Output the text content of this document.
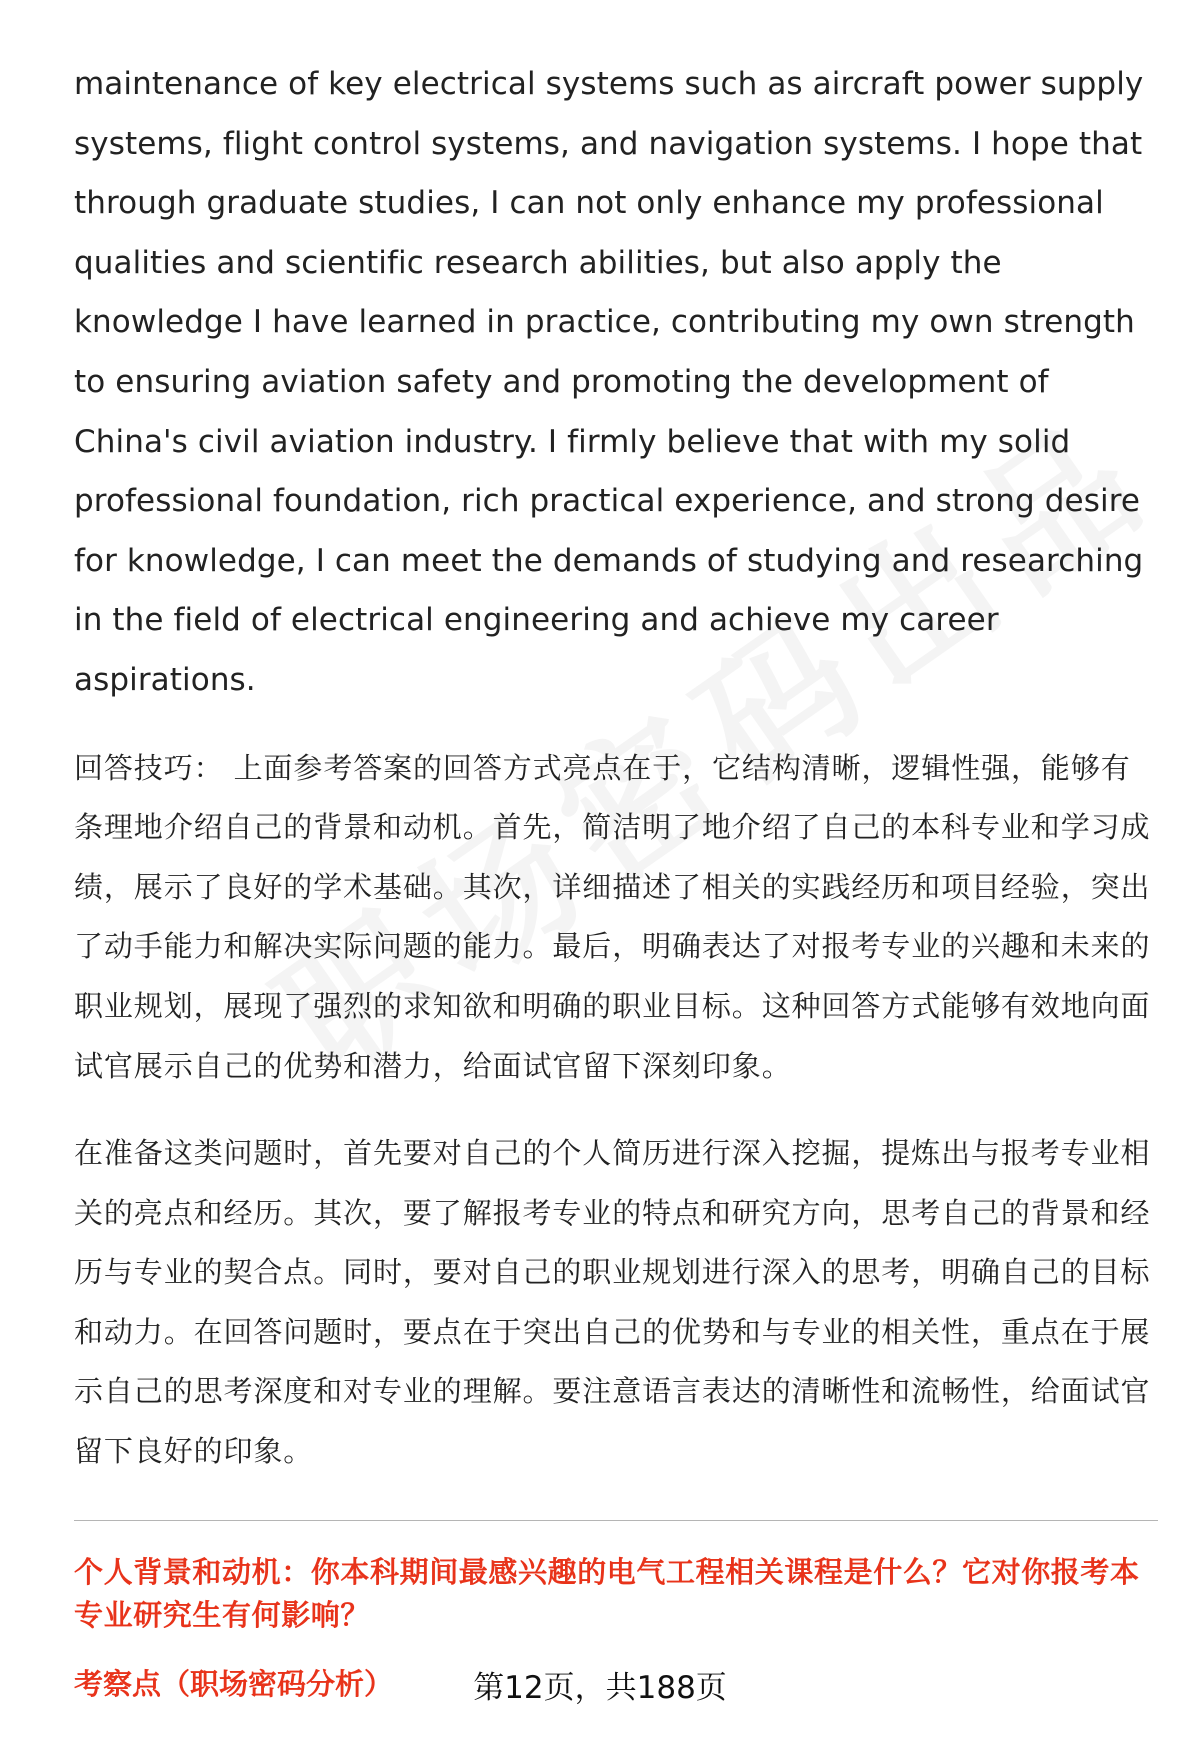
maintenance of key electrical systems such as aircraft power supply systems, flight control systems, and navigation systems. I hope that through graduate studies, I can not only enhance my professional qualities and scientific research abilities, but also apply the knowledge I have learned in practice, contributing my own strength to ensuring aviation safety and promoting the development of China's civil aviation industry. I firmly believe that with my solid professional foundation, rich practical experience, and strong desire for knowledge, I can meet the demands of studying and researching in the field of electrical engineering and achieve my career aspirations.

回答技巧： 上面参考答案的回答方式亮点在于，它结构清晰，逻辑性强，能够有条理地介绍自己的背景和动机。首先，简洁明了地介绍了自己的本科专业和学习成绩，展示了良好的学术基础。其次，详细描述了相关的实践经历和项目经验，突出了动手能力和解决实际问题的能力。最后，明确表达了对报考专业的兴趣和未来的职业规划，展现了强烈的求知欲和明确的职业目标。这种回答方式能够有效地向面试官展示自己的优势和潜力，给面试官留下深刻印象。

在准备这类问题时，首先要对自己的个人简历进行深入挖掘，提炼出与报考专业相关的亮点和经历。其次，要了解报考专业的特点和研究方向，思考自己的背景和经历与专业的契合点。同时，要对自己的职业规划进行深入的思考，明确自己的目标和动力。在回答问题时，要点在于突出自己的优势和与专业的相关性，重点在于展示自己的思考深度和对专业的理解。要注意语言表达的清晰性和流畅性，给面试官留下良好的印象。

个人背景和动机：你本科期间最感兴趣的电气工程相关课程是什么？它对你报考本专业研究生有何影响？
考察点（职场密码分析）	第12页，共188页
